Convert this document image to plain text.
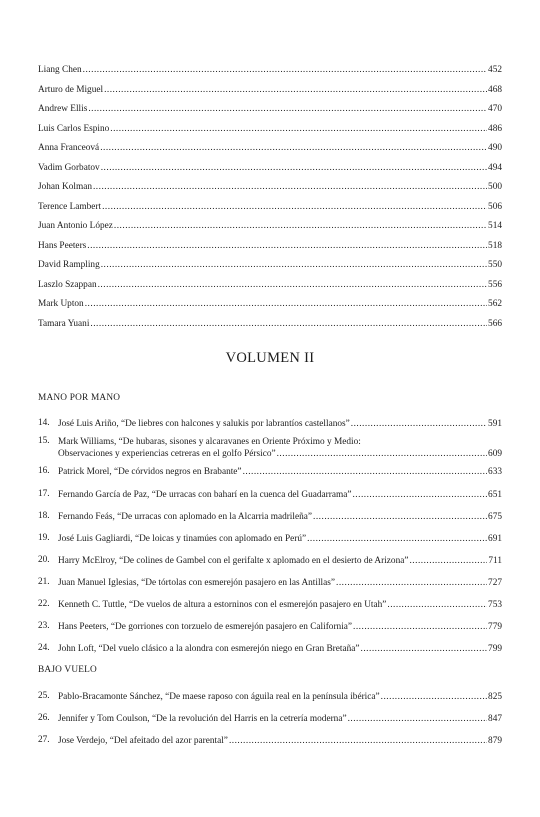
Liang Chen .....	452
Arturo de Miguel .....	468
Andrew Ellis .....	470
Luis Carlos Espino .....	486
Anna Franceová .....	490
Vadim Gorbatov .....	494
Johan Kolman .....	500
Terence Lambert .....	506
Juan Antonio López .....	514
Hans Peeters .....	518
David Rampling .....	550
Laszlo Szappan .....	556
Mark Upton .....	562
Tamara Yuani .....	566
VOLUMEN II
MANO POR MANO
14. José Luis Ariño, “De liebres con halcones y salukis por labrantíos castellanos” .....	591
15. Mark Williams, “De hubaras, sisones y alcaravanes en Oriente Próximo y Medio:
Observaciones y experiencias cetreras en el golfo Pérsico” .....	609
16. Patrick Morel, “De córvidos negros en Brabante” .....	633
17. Fernando García de Paz, “De urracas con baharí en la cuenca del Guadarrama” .....	651
18. Fernando Feás, “De urracas con aplomado en la Alcarria madrileña” .....	675
19. José Luis Gagliardi, “De loicas y tinamúes con aplomado en Perú” .....	691
20. Harry McElroy, “De colines de Gambel con el gerifalte x aplomado en el desierto de Arizona” .....	711
21. Juan Manuel Iglesias, “De tórtolas con esmerejón pasajero en las Antillas” .....	727
22. Kenneth C. Tuttle, “De vuelos de altura a estorninos con el esmerejón pasajero en Utah” .....	753
23. Hans Peeters, “De gorriones con torzuelo de esmerejón pasajero en California” .....	779
24. John Loft, “Del vuelo clásico a la alondra con esmerejón niego en Gran Bretaña” .....	799
BAJO VUELO
25. Pablo-Bracamonte Sánchez, “De maese raposo con águila real en la península ibérica” .....	825
26. Jennifer y Tom Coulson, “De la revolución del Harris en la cetrería moderna” .....	847
27. Jose Verdejo, “Del afeitado del azor parental” .....	879
